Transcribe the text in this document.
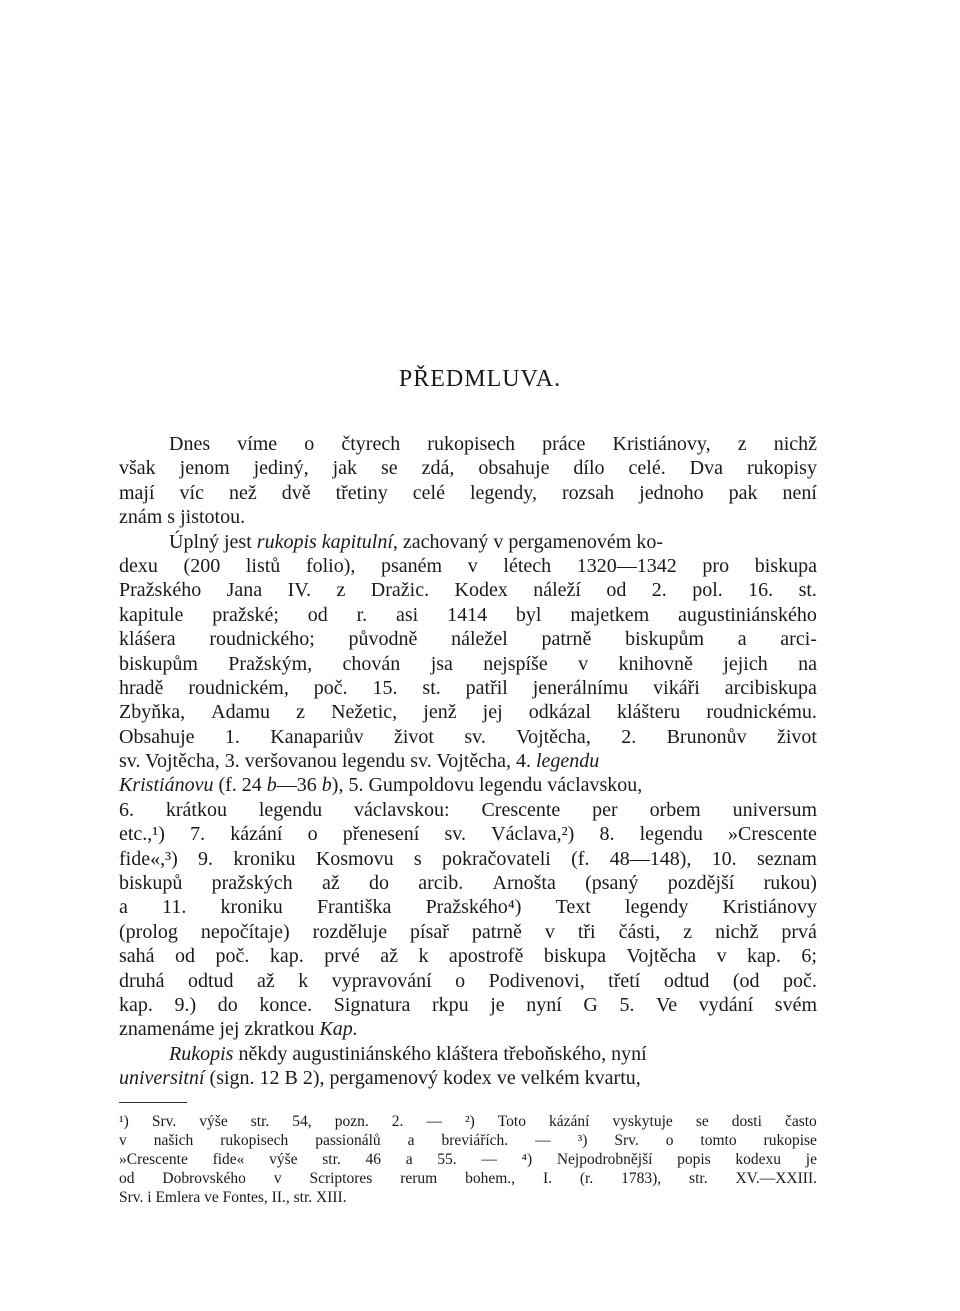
PŘEDMLUVA.
Dnes víme o čtyrech rukopisech práce Kristiánovy, z nichž
však jenom jediný, jak se zdá, obsahuje dílo celé. Dva rukopisy
mají víc než dvě třetiny celé legendy, rozsah jednoho pak není
znám s jistotou.
Úplný jest rukopis kapitulní, zachovaný v pergamenovém ko-
dexu (200 listů folio), psaném v létech 1320—1342 pro biskupa
Pražského Jana IV. z Dražic. Kodex náleží od 2. pol. 16. st.
kapitule pražské; od r. asi 1414 byl majetkem augustiniánského
kláśera roudnického; původně náležel patrně biskupům a arci-
biskupům Pražským, chován jsa nejspíše v knihovně jejich na
hradě roudnickém, poč. 15. st. patřil jenerálnímu vikáři arcibiskupa
Zbyňka, Adamu z Nežetic, jenž jej odkázal klášteru roudnickému.
Obsahuje 1. Kanapariův život sv. Vojtěcha, 2. Brunonův život
sv. Vojtěcha, 3. veršovanou legendu sv. Vojtěcha, 4. legendu
Kristiánovu (f. 24 b—36 b), 5. Gumpoldovu legendu václavskou,
6. krátkou legendu václavskou: Crescente per orbem universum
etc.,¹) 7. kázání o přenesení sv. Václava,²) 8. legendu »Crescente
fide«,³) 9. kroniku Kosmovu s pokračovateli (f. 48—148), 10. seznam
biskupů pražských až do arcib. Arnošta (psaný pozdější rukou)
a 11. kroniku Františka Pražského⁴) Text legendy Kristiánovy
(prolog nepočítaje) rozděluje písař patrně v tři části, z nichž prvá
sahá od poč. kap. prvé až k apostrofě biskupa Vojtěcha v kap. 6;
druhá odtud až k vypravování o Podivenovi, třetí odtud (od poč.
kap. 9.) do konce. Signatura rkpu je nyní G 5. Ve vydání svém
znamenáme jej zkratkou Kap.
Rukopis někdy augustiniánského kláštera třeboňského, nyní
universitní (sign. 12 B 2), pergamenový kodex ve velkém kvartu,
¹) Srv. výše str. 54, pozn. 2. — ²) Toto kázání vyskytuje se dosti často
v našich rukopisech passionálů a breviářích. — ³) Srv. o tomto rukopise
»Crescente fide« výše str. 46 a 55. — ⁴) Nejpodrobnější popis kodexu je
od Dobrovského v Scriptores rerum bohem., I. (r. 1783), str. XV.—XXIII.
Srv. i Emlera ve Fontes, II., str. XIII.
